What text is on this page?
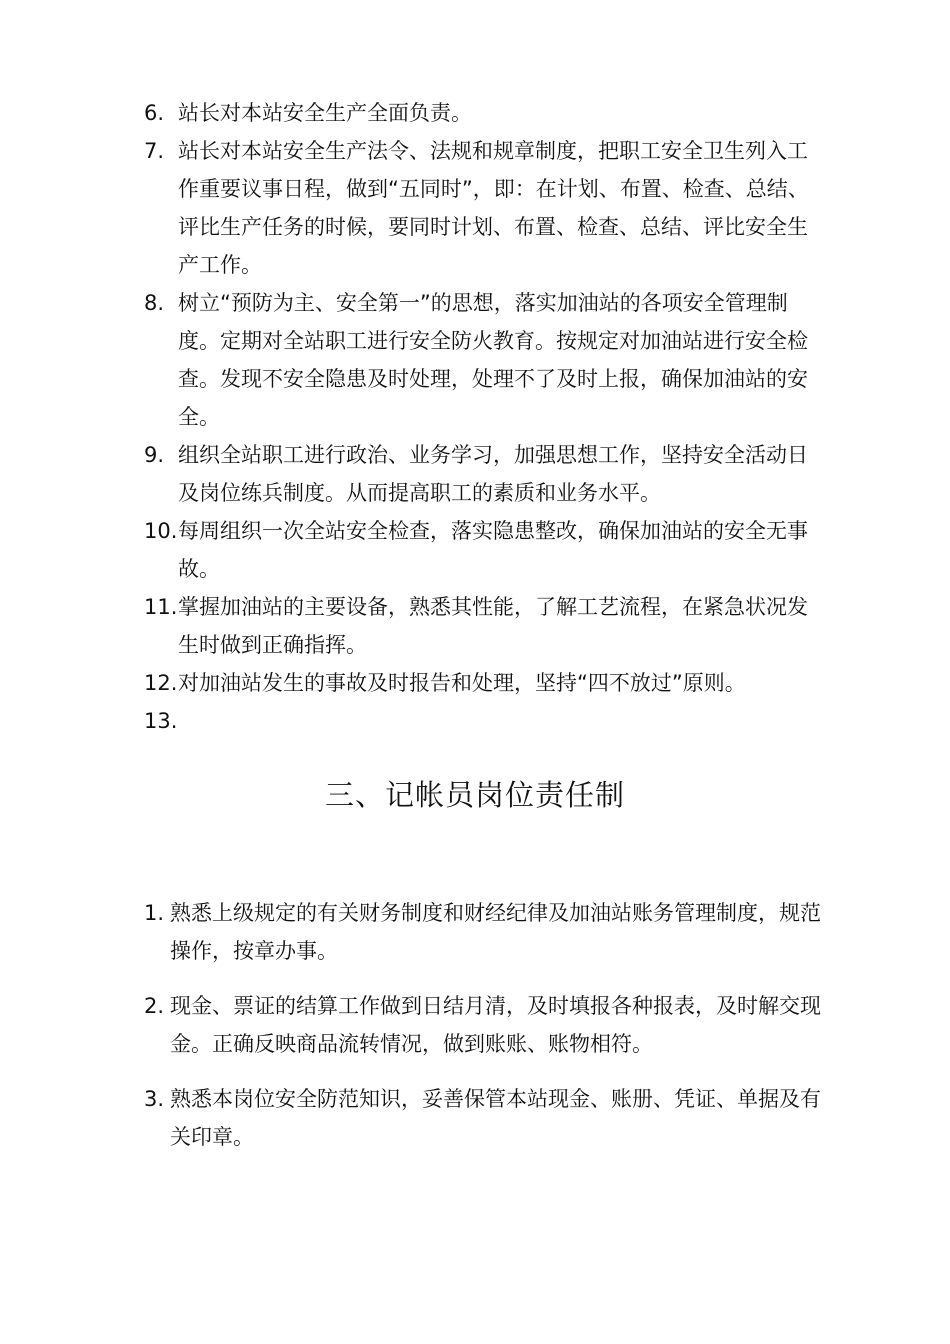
6. 站长对本站安全生产全面负责。
7. 站长对本站安全生产法令、法规和规章制度，把职工安全卫生列入工作重要议事日程，做到“五同时”，即：在计划、布置、检查、总结、评比生产任务的时候，要同时计划、布置、检查、总结、评比安全生产工作。
8. 树立“预防为主、安全第一”的思想，落实加油站的各项安全管理制度。定期对全站职工进行安全防火教育。按规定对加油站进行安全检查。发现不安全隐患及时处理，处理不了及时上报，确保加油站的安全。
9. 组织全站职工进行政治、业务学习，加强思想工作，坚持安全活动日及岗位练兵制度。从而提高职工的素质和业务水平。
10. 每周组织一次全站安全检查，落实隐患整改，确保加油站的安全无事故。
11. 掌握加油站的主要设备，熟悉其性能，了解工艺流程，在紧急状况发生时做到正确指挥。
12. 对加油站发生的事故及时报告和处理，坚持“四不放过”原则。
13.
三、记帐员岗位责任制
1. 熟悉上级规定的有关财务制度和财经纪律及加油站账务管理制度，规范操作，按章办事。
2. 现金、票证的结算工作做到日结月清，及时填报各种报表，及时解交现金。正确反映商品流转情况，做到账账、账物相符。
3. 熟悉本岗位安全防范知识，妥善保管本站现金、账册、凭证、单据及有关印章。
